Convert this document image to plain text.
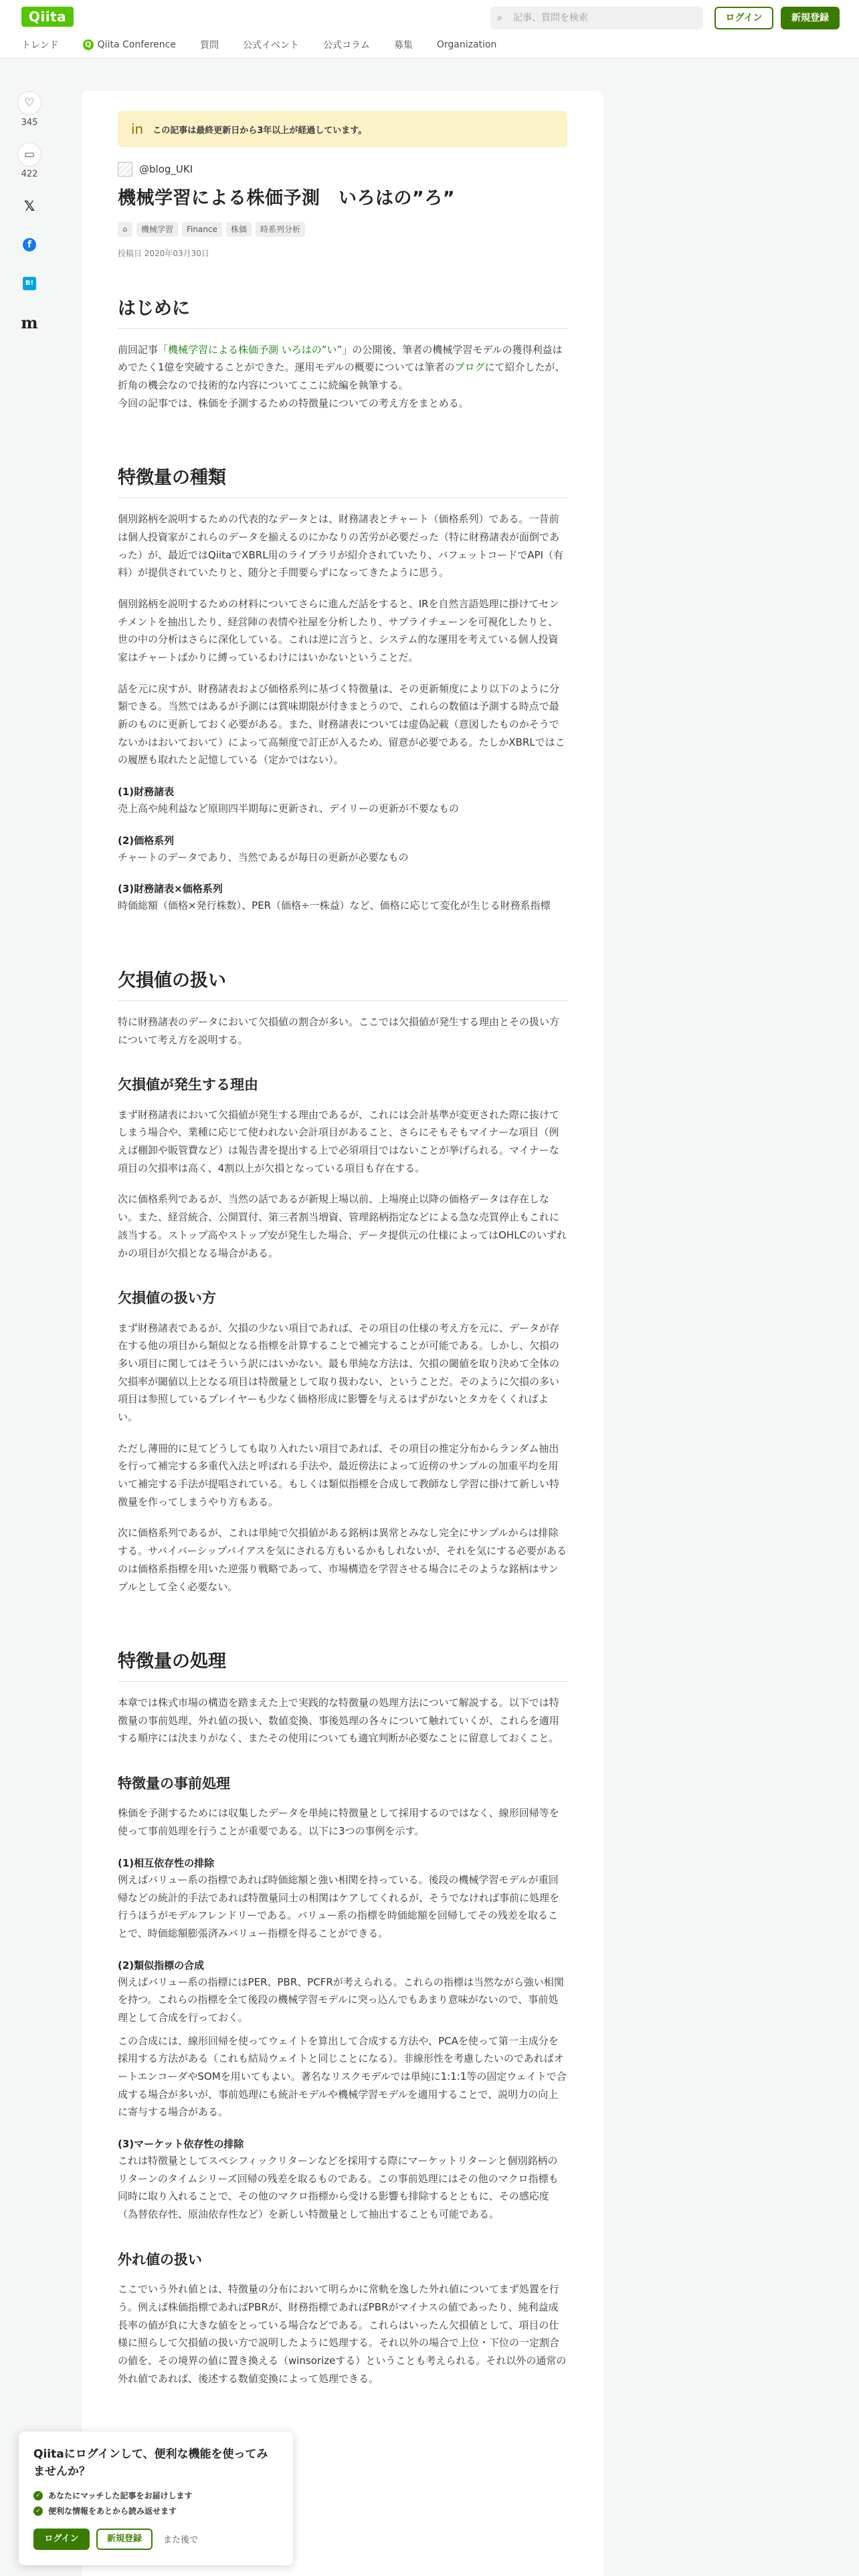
Qiita	⌕
記事、質問を検索	ログイン	新規登録
トレンド	Q Qiita Conference	質問	公式イベント	公式コラム	募集	Organization
♡
345
▭
422
𝕏
f
B!
m
in この記事は最終更新日から3年以上が経過しています。
@blog_UKI
機械学習による株価予測　いろはの”ろ”
⌂	機械学習	Finance	株価	時系列分析
投稿日 2020年03月30日
はじめに

前回記事「機械学習による株価予測 いろはの”い”」の公開後、筆者の機械学習モデルの獲得利益はめでたく1億を突破することができた。運用モデルの概要については筆者のブログにて紹介したが、折角の機会なので技術的な内容についてここに続編を執筆する。
今回の記事では、株価を予測するための特徴量についての考え方をまとめる。

特徴量の種類

個別銘柄を説明するための代表的なデータとは、財務諸表とチャート（価格系列）である。一昔前は個人投資家がこれらのデータを揃えるのにかなりの苦労が必要だった（特に財務諸表が面倒であった）が、最近ではQiitaでXBRL用のライブラリが紹介されていたり、バフェットコードでAPI（有料）が提供されていたりと、随分と手間要らずになってきたように思う。

個別銘柄を説明するための材料についてさらに進んだ話をすると、IRを自然言語処理に掛けてセンチメントを抽出したり、経営陣の表情や社屋を分析したり、サプライチェーンを可視化したりと、世の中の分析はさらに深化している。これは逆に言うと、システム的な運用を考えている個人投資家はチャートばかりに縛っているわけにはいかないということだ。

話を元に戻すが、財務諸表および価格系列に基づく特徴量は、その更新頻度により以下のように分類できる。当然ではあるが予測には賞味期限が付きまとうので、これらの数値は予測する時点で最新のものに更新しておく必要がある。また、財務諸表については虚偽記載（意図したものかそうでないかはおいておいて）によって高頻度で訂正が入るため、留意が必要である。たしかXBRLではこの履歴も取れたと記憶している（定かではない）。

(1)財務諸表

売上高や純利益など原則四半期毎に更新され、デイリーの更新が不要なもの

(2)価格系列

チャートのデータであり、当然であるが毎日の更新が必要なもの

(3)財務諸表×価格系列

時価総額（価格×発行株数）、PER（価格÷一株益）など、価格に応じて変化が生じる財務系指標

欠損値の扱い

特に財務諸表のデータにおいて欠損値の割合が多い。ここでは欠損値が発生する理由とその扱い方について考え方を説明する。

欠損値が発生する理由

まず財務諸表において欠損値が発生する理由であるが、これには会計基準が変更された際に抜けてしまう場合や、業種に応じて使われない会計項目があること、さらにそもそもマイナーな項目（例えば棚卸や販管費など）は報告書を提出する上で必須項目ではないことが挙げられる。マイナーな項目の欠損率は高く、4割以上が欠損となっている項目も存在する。

次に価格系列であるが、当然の話であるが新規上場以前、上場廃止以降の価格データは存在しない。また、経営統合、公開買付、第三者割当増資、管理銘柄指定などによる急な売買停止もこれに該当する。ストップ高やストップ安が発生した場合、データ提供元の仕様によってはOHLCのいずれかの項目が欠損となる場合がある。

欠損値の扱い方

まず財務諸表であるが、欠損の少ない項目であれば、その項目の仕様の考え方を元に、データが存在する他の項目から類似となる指標を計算することで補完することが可能である。しかし、欠損の多い項目に関してはそういう訳にはいかない。最も単純な方法は、欠損の閾値を取り決めて全体の欠損率が閾値以上となる項目は特徴量として取り扱わない、ということだ。そのように欠損の多い項目は参照しているプレイヤーも少なく価格形成に影響を与えるはずがないとタカをくくればよい。

ただし薄冊的に見てどうしても取り入れたい項目であれば、その項目の推定分布からランダム抽出を行って補完する多重代入法と呼ばれる手法や、最近傍法によって近傍のサンプルの加重平均を用いて補完する手法が提唱されている。もしくは類似指標を合成して教師なし学習に掛けて新しい特徴量を作ってしまうやり方もある。

次に価格系列であるが、これは単純で欠損値がある銘柄は異常とみなし完全にサンプルからは排除する。サバイバーシップバイアスを気にされる方もいるかもしれないが、それを気にする必要があるのは価格系指標を用いた逆張り戦略であって、市場構造を学習させる場合にそのような銘柄はサンプルとして全く必要ない。

特徴量の処理

本章では株式市場の構造を踏まえた上で実践的な特徴量の処理方法について解説する。以下では特徴量の事前処理、外れ値の扱い、数値変換、事後処理の各々について触れていくが、これらを適用する順序には決まりがなく、またその使用についても適宜判断が必要なことに留意しておくこと。

特徴量の事前処理

株価を予測するためには収集したデータを単純に特徴量として採用するのではなく、線形回帰等を使って事前処理を行うことが重要である。以下に3つの事例を示す。

(1)相互依存性の排除

例えばバリュー系の指標であれば時価総額と強い相関を持っている。後段の機械学習モデルが重回帰などの統計的手法であれば特徴量同士の相関はケアしてくれるが、そうでなければ事前に処理を行うほうがモデルフレンドリーである。バリュー系の指標を時価総額を回帰してその残差を取ることで、時価総額膨張済みバリュー指標を得ることができる。

(2)類似指標の合成

例えばバリュー系の指標にはPER、PBR、PCFRが考えられる。これらの指標は当然ながら強い相関を持つ。これらの指標を全て後段の機械学習モデルに突っ込んでもあまり意味がないので、事前処理として合成を行っておく。

この合成には、線形回帰を使ってウェイトを算出して合成する方法や、PCAを使って第一主成分を採用する方法がある（これも結局ウェイトと同じことになる）。非線形性を考慮したいのであればオートエンコーダやSOMを用いてもよい。著名なリスクモデルでは単純に1:1:1等の固定ウェイトで合成する場合が多いが、事前処理にも統計モデルや機械学習モデルを適用することで、説明力の向上に寄与する場合がある。

(3)マーケット依存性の排除

これは特徴量としてスペシフィックリターンなどを採用する際にマーケットリターンと個別銘柄のリターンのタイムシリーズ回帰の残差を取るものである。この事前処理にはその他のマクロ指標も同時に取り入れることで、その他のマクロ指標から受ける影響も排除するとともに、その感応度（為替依存性、原油依存性など）を新しい特徴量として抽出することも可能である。

外れ値の扱い

ここでいう外れ値とは、特徴量の分布において明らかに常軌を逸した外れ値についてまず処置を行う。例えば株価指標であればPBRが、財務指標であればPBRがマイナスの値であったり、純利益成長率の値が負に大きな値をとっている場合などである。これらはいったん欠損値として、項目の仕様に照らして欠損値の扱い方で説明したように処理する。それ以外の場合で上位・下位の一定割合の値を、その境界の値に置き換える（winsorizeする）ということも考えられる。それ以外の通常の外れ値であれば、後述する数値変換によって処理できる。

Qiitaにログインして、便利な機能を使ってみませんか？
✓ あなたにマッチした記事をお届けします
✓ 便利な情報をあとから読み返せます
ログイン	新規登録	また後で
